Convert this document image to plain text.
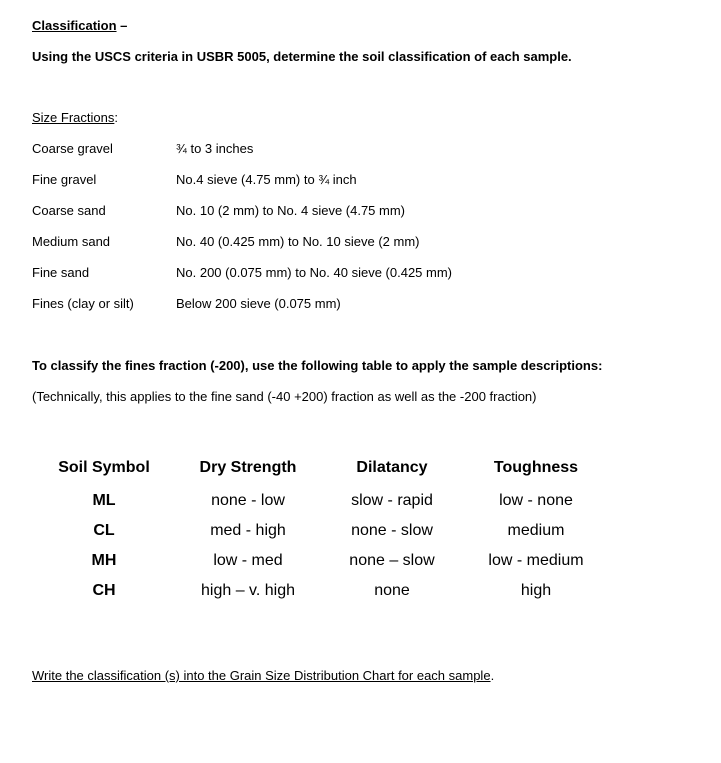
Classification –
Using the USCS criteria in USBR 5005, determine the soil classification of each sample.
Size Fractions:
Coarse gravel	¾ to 3 inches
Fine gravel	No.4 sieve (4.75 mm) to ¾ inch
Coarse sand	No. 10 (2 mm) to No. 4 sieve (4.75 mm)
Medium sand	No. 40 (0.425 mm) to No. 10 sieve (2 mm)
Fine sand	No. 200 (0.075 mm) to No. 40 sieve (0.425 mm)
Fines (clay or silt)	Below 200 sieve (0.075 mm)
To classify the fines fraction (-200), use the following table to apply the sample descriptions:
(Technically, this applies to the fine sand (-40 +200) fraction as well as the -200 fraction)
Soil Symbol	Dry Strength	Dilatancy	Toughness
ML	none - low	slow - rapid	low - none
CL	med - high	none - slow	medium
MH	low - med	none – slow	low - medium
CH	high – v. high	none	high
Write the classification (s) into the Grain Size Distribution Chart for each sample.
